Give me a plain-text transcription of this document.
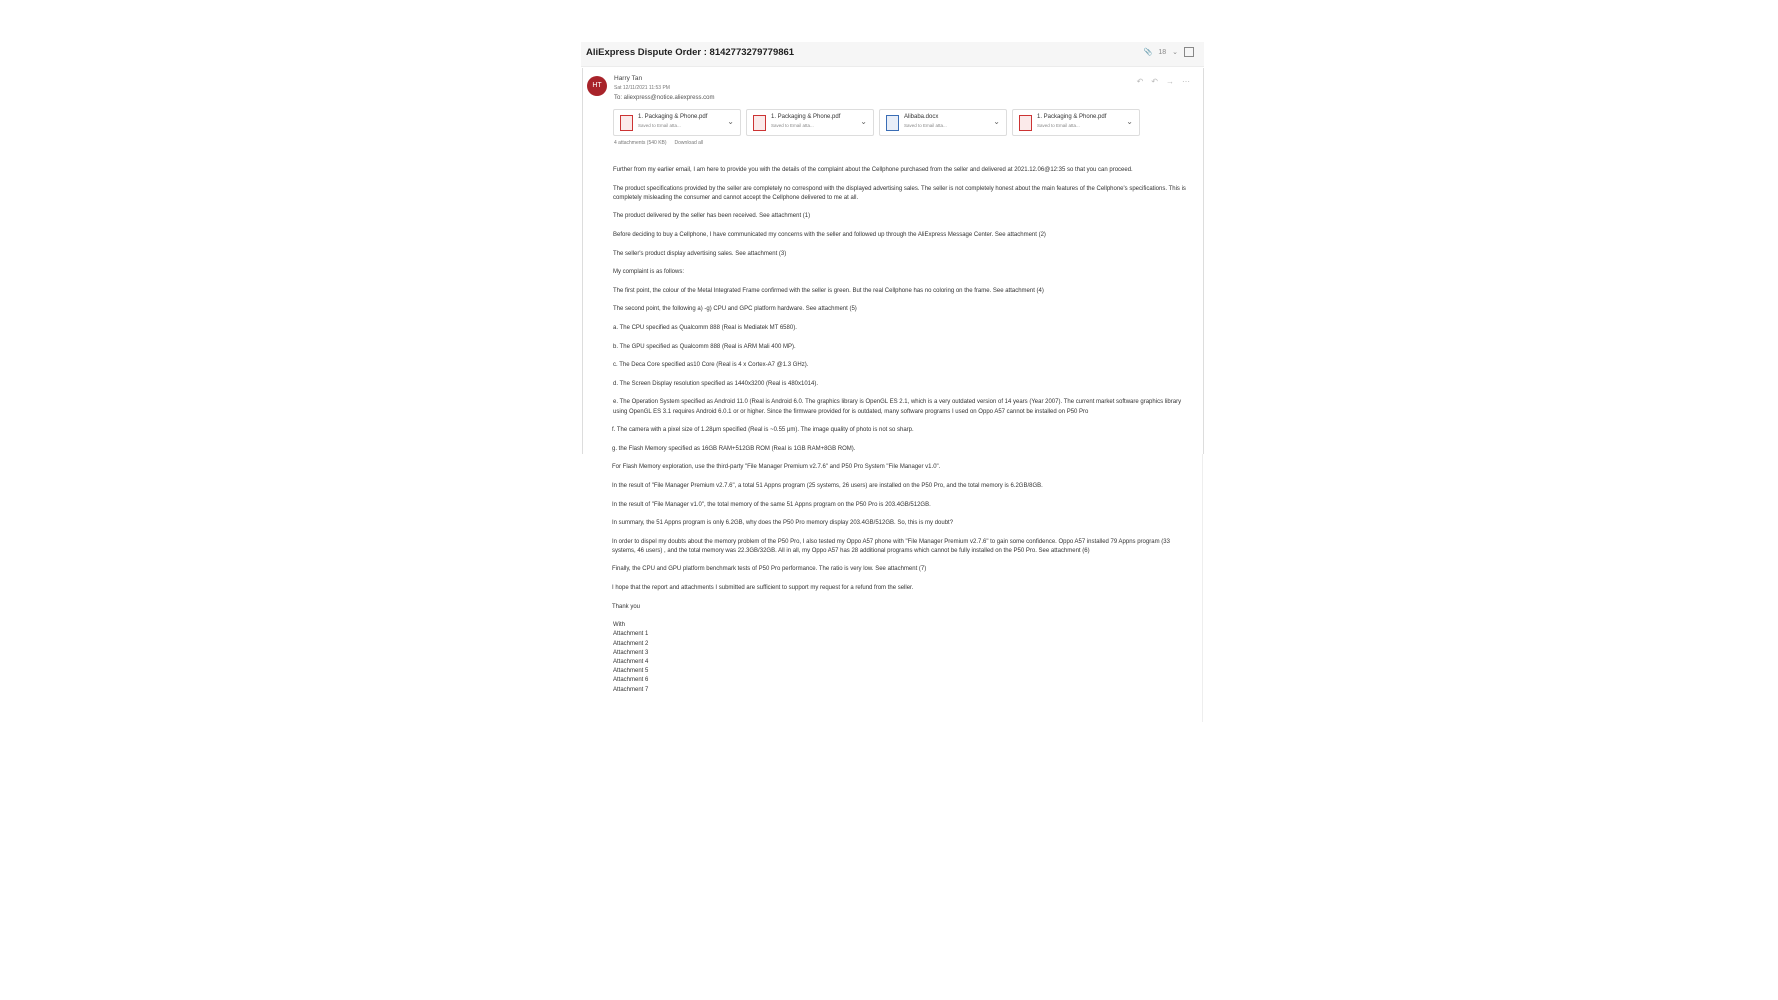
AliExpress Dispute Order : 8142773279779861	📎 18 ⌄
HT
Harry Tan
Sat 12/11/2021 11:53 PM
To: aliexpress@notice.aliexpress.com
↶ ↶ → ⋯
1. Packaging & Phone.pdf
Saved to Email atta...	⌄	1. Packaging & Phone.pdf
Saved to Email atta...	⌄	Alibaba.docx
Saved to Email atta...	⌄	1. Packaging & Phone.pdf
Saved to Email atta...	⌄
4 attachments (540 KB) Download all

Further from my earlier email, I am here to provide you with the details of the complaint about the Cellphone purchased from the seller and delivered at 2021.12.06@12:35 so that you can proceed.

The product specifications provided by the seller are completely no correspond with the displayed advertising sales. The seller is not completely honest about the main features of the Cellphone's specifications. This is completely misleading the consumer and cannot accept the Cellphone delivered to me at all.

The product delivered by the seller has been received. See attachment (1)

Before deciding to buy a Cellphone, I have communicated my concerns with the seller and followed up through the AliExpress Message Center. See attachment (2)

The seller's product display advertising sales. See attachment (3)

My complaint is as follows:

The first point, the colour of the Metal Integrated Frame confirmed with the seller is green. But the real Cellphone has no coloring on the frame. See attachment (4)

The second point, the following a) -g) CPU and GPC platform hardware. See attachment (5)

a. The CPU specified as Qualcomm 888 (Real is Mediatek MT 6580).

b. The GPU specified as Qualcomm 888 (Real is ARM Mali 400 MP).

c. The Deca Core specified as10 Core (Real is 4 x Cortex-A7 @1.3 GHz).

d. The Screen Display resolution specified as 1440x3200 (Real is 480x1014).

e. The Operation System specified as Android 11.0 (Real is Android 6.0. The graphics library is OpenGL ES 2.1, which is a very outdated version of 14 years (Year 2007). The current market software graphics library using OpenGL ES 3.1 requires Android 6.0.1 or or higher. Since the firmware provided for is outdated, many software programs I used on Oppo A57 cannot be installed on P50 Pro

f. The camera with a pixel size of 1.28μm specified (Real is ~0.55 μm). The image quality of photo is not so sharp.

g. the Flash Memory specified as 16GB RAM+512GB ROM (Real is 1GB RAM+8GB ROM).

For Flash Memory exploration, use the third-party "File Manager Premium v2.7.6" and P50 Pro System "File Manager v1.0".

In the result of "File Manager Premium v2.7.6", a total 51 Appns program (25 systems, 26 users) are installed on the P50 Pro, and the total memory is 6.2GB/8GB.

In the result of "File Manager v1.0", the total memory of the same 51 Appns program on the P50 Pro is 203.4GB/512GB.

In summary, the 51 Appns program is only 6.2GB, why does the P50 Pro memory display 203.4GB/512GB. So, this is my doubt?

In order to dispel my doubts about the memory problem of the P50 Pro, I also tested my Oppo A57 phone with "File Manager Premium v2.7.6" to gain some confidence. Oppo A57 installed 79 Appns program (33 systems, 46 users) , and the total memory was 22.3GB/32GB. All in all, my Oppo A57 has 28 additional programs which cannot be fully installed on the P50 Pro. See attachment (6)

Finally, the CPU and GPU platform benchmark tests of P50 Pro performance. The ratio is very low. See attachment (7)

I hope that the report and attachments I submitted are sufficient to support my request for a refund from the seller.

Thank you

With
Attachment 1
Attachment 2
Attachment 3
Attachment 4
Attachment 5
Attachment 6
Attachment 7
